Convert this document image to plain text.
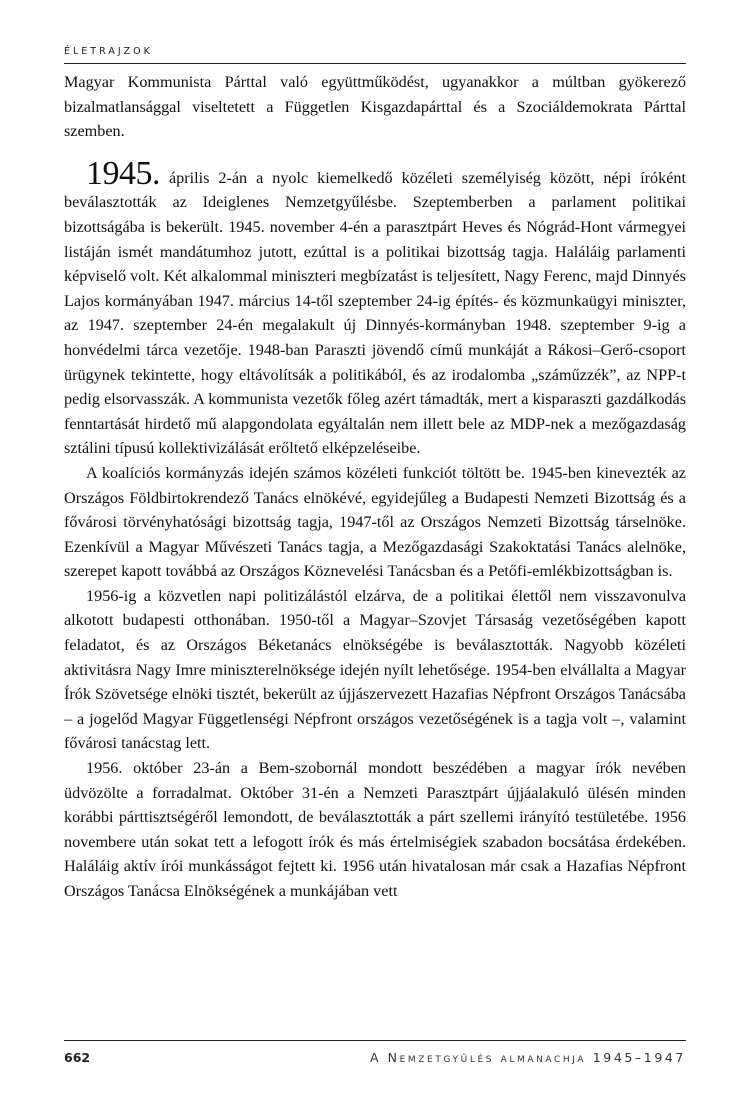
ÉLETRAJZOK

Magyar Kommunista Párttal való együttműködést, ugyanakkor a múltban gyökerező bizalmatlansággal viseltetett a Független Kisgazdapárttal és a Szociáldemokrata Párttal szemben.

1945. április 2-án a nyolc kiemelkedő közéleti személyiség között, népi íróként beválasztották az Ideiglenes Nemzetgyűlésbe. Szeptemberben a parlament politikai bizottságába is bekerült. 1945. november 4-én a parasztpárt Heves és Nógrád-Hont vármegyei listáján ismét mandátumhoz jutott, ezúttal is a politikai bizottság tagja. Haláláig parlamenti képviselő volt. Két alkalommal miniszteri megbízatást is teljesített, Nagy Ferenc, majd Dinnyés Lajos kormányában 1947. március 14-től szeptember 24-ig építés- és közmunkaügyi miniszter, az 1947. szeptember 24-én megalakult új Dinnyés-kormányban 1948. szeptember 9-ig a honvédelmi tárca vezetője. 1948-ban Paraszti jövendő című munkáját a Rákosi–Gerő-csoport ürügynek tekintette, hogy eltávolítsák a politikából, és az irodalomba „száműzzék”, az NPP-t pedig elsorvasszák. A kommunista vezetők főleg azért támadták, mert a kisparaszti gazdálkodás fenntartását hirdető mű alapgondolata egyáltalán nem illett bele az MDP-nek a mezőgazdaság sztálini típusú kollektivizálását erőltető elképzeléseibe.

A koalíciós kormányzás idején számos közéleti funkciót töltött be. 1945-ben kinevezték az Országos Földbirtokrendező Tanács elnökévé, egyidejűleg a Budapesti Nemzeti Bizottság és a fővárosi törvényhatósági bizottság tagja, 1947-től az Országos Nemzeti Bizottság társelnöke. Ezenkívül a Magyar Művészeti Tanács tagja, a Mezőgazdasági Szakoktatási Tanács alelnöke, szerepet kapott továbbá az Országos Köznevelési Tanácsban és a Petőfi-emlékbizottságban is.

1956-ig a közvetlen napi politizálástól elzárva, de a politikai élettől nem visszavonulva alkotott budapesti otthonában. 1950-től a Magyar–Szovjet Társaság vezetőségében kapott feladatot, és az Országos Béketanács elnökségébe is beválasztották. Nagyobb közéleti aktivitásra Nagy Imre miniszterelnöksége idején nyílt lehetősége. 1954-ben elvállalta a Magyar Írók Szövetsége elnöki tisztét, bekerült az újjászervezett Hazafias Népfront Országos Tanácsába – a jogelőd Magyar Függetlenségi Népfront országos vezetőségének is a tagja volt –, valamint fővárosi tanácstag lett.

1956. október 23-án a Bem-szobornál mondott beszédében a magyar írók nevében üdvözölte a forradalmat. Október 31-én a Nemzeti Parasztpárt újjáalakuló ülésén minden korábbi párttisztségéről lemondott, de beválasztották a párt szellemi irányító testületébe. 1956 novembere után sokat tett a lefogott írók és más értelmiségiek szabadon bocsátása érdekében. Haláláig aktív írói munkásságot fejtett ki. 1956 után hivatalosan már csak a Hazafias Népfront Országos Tanácsa Elnökségének a munkájában vett

662	A Nemzetgyűlés almanachja 1945–1947
